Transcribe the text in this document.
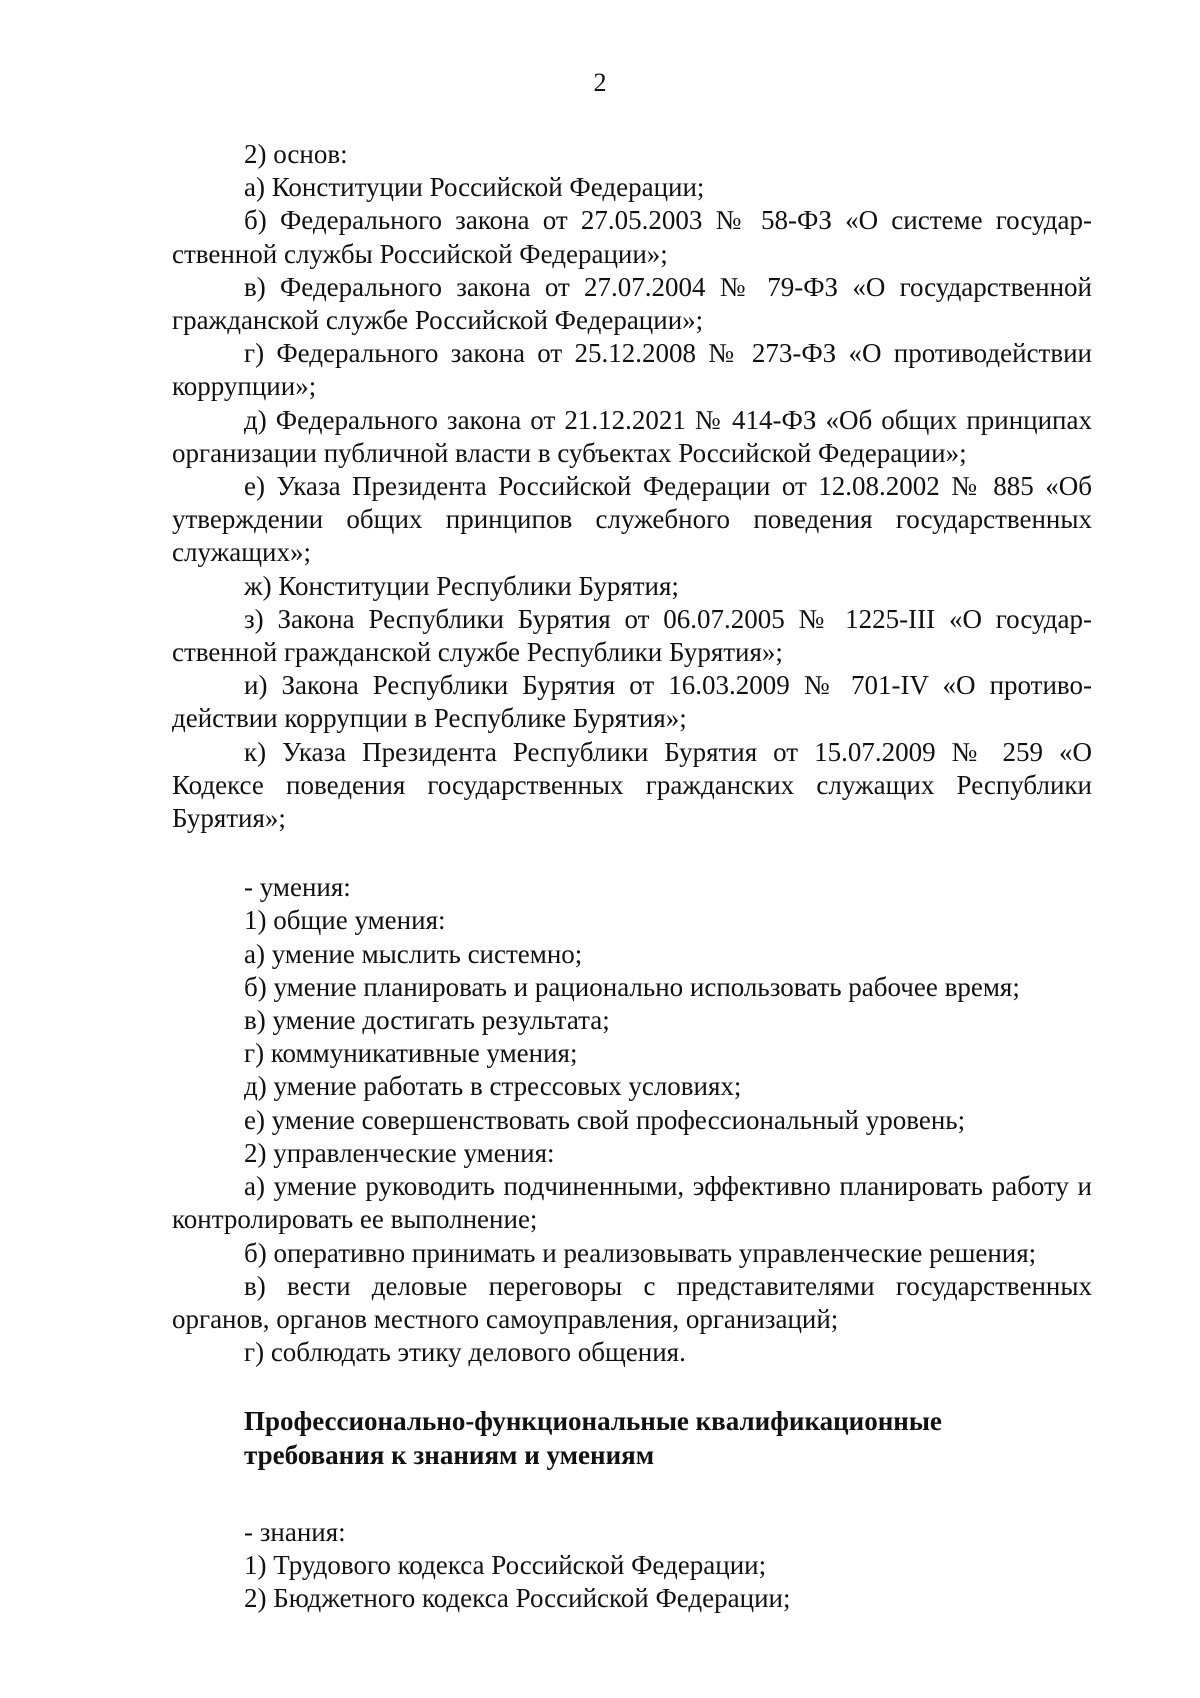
2

2) основ:

а) Конституции Российской Федерации;

б) Федерального закона от 27.05.2003 № 58-ФЗ «О системе государственной службы Российской Федерации»;

в) Федерального закона от 27.07.2004 № 79-ФЗ «О государственной гражданской службе Российской Федерации»;

г) Федерального закона от 25.12.2008 № 273-ФЗ «О противодействии коррупции»;

д) Федерального закона от 21.12.2021 № 414-ФЗ «Об общих принципах организации публичной власти в субъектах Российской Федерации»;

е) Указа Президента Российской Федерации от 12.08.2002 № 885 «Об утверждении общих принципов служебного поведения государственных служащих»;

ж) Конституции Республики Бурятия;

з) Закона Республики Бурятия от 06.07.2005 № 1225-III «О государственной гражданской службе Республики Бурятия»;

и) Закона Республики Бурятия от 16.03.2009 № 701-IV «О противодействии коррупции в Республике Бурятия»;

к) Указа Президента Республики Бурятия от 15.07.2009 № 259 «О Кодексе поведения государственных гражданских служащих Республики Бурятия»;

- умения:

1) общие умения:

а) умение мыслить системно;

б) умение планировать и рационально использовать рабочее время;

в) умение достигать результата;

г) коммуникативные умения;

д) умение работать в стрессовых условиях;

е) умение совершенствовать свой профессиональный уровень;

2) управленческие умения:

а) умение руководить подчиненными, эффективно планировать работу и контролировать ее выполнение;

б) оперативно принимать и реализовывать управленческие решения;

в) вести деловые переговоры с представителями государственных органов, органов местного самоуправления, организаций;

г) соблюдать этику делового общения.

Профессионально-функциональные квалификационные

требования к знаниям и умениям

- знания:

1) Трудового кодекса Российской Федерации;

2) Бюджетного кодекса Российской Федерации;
